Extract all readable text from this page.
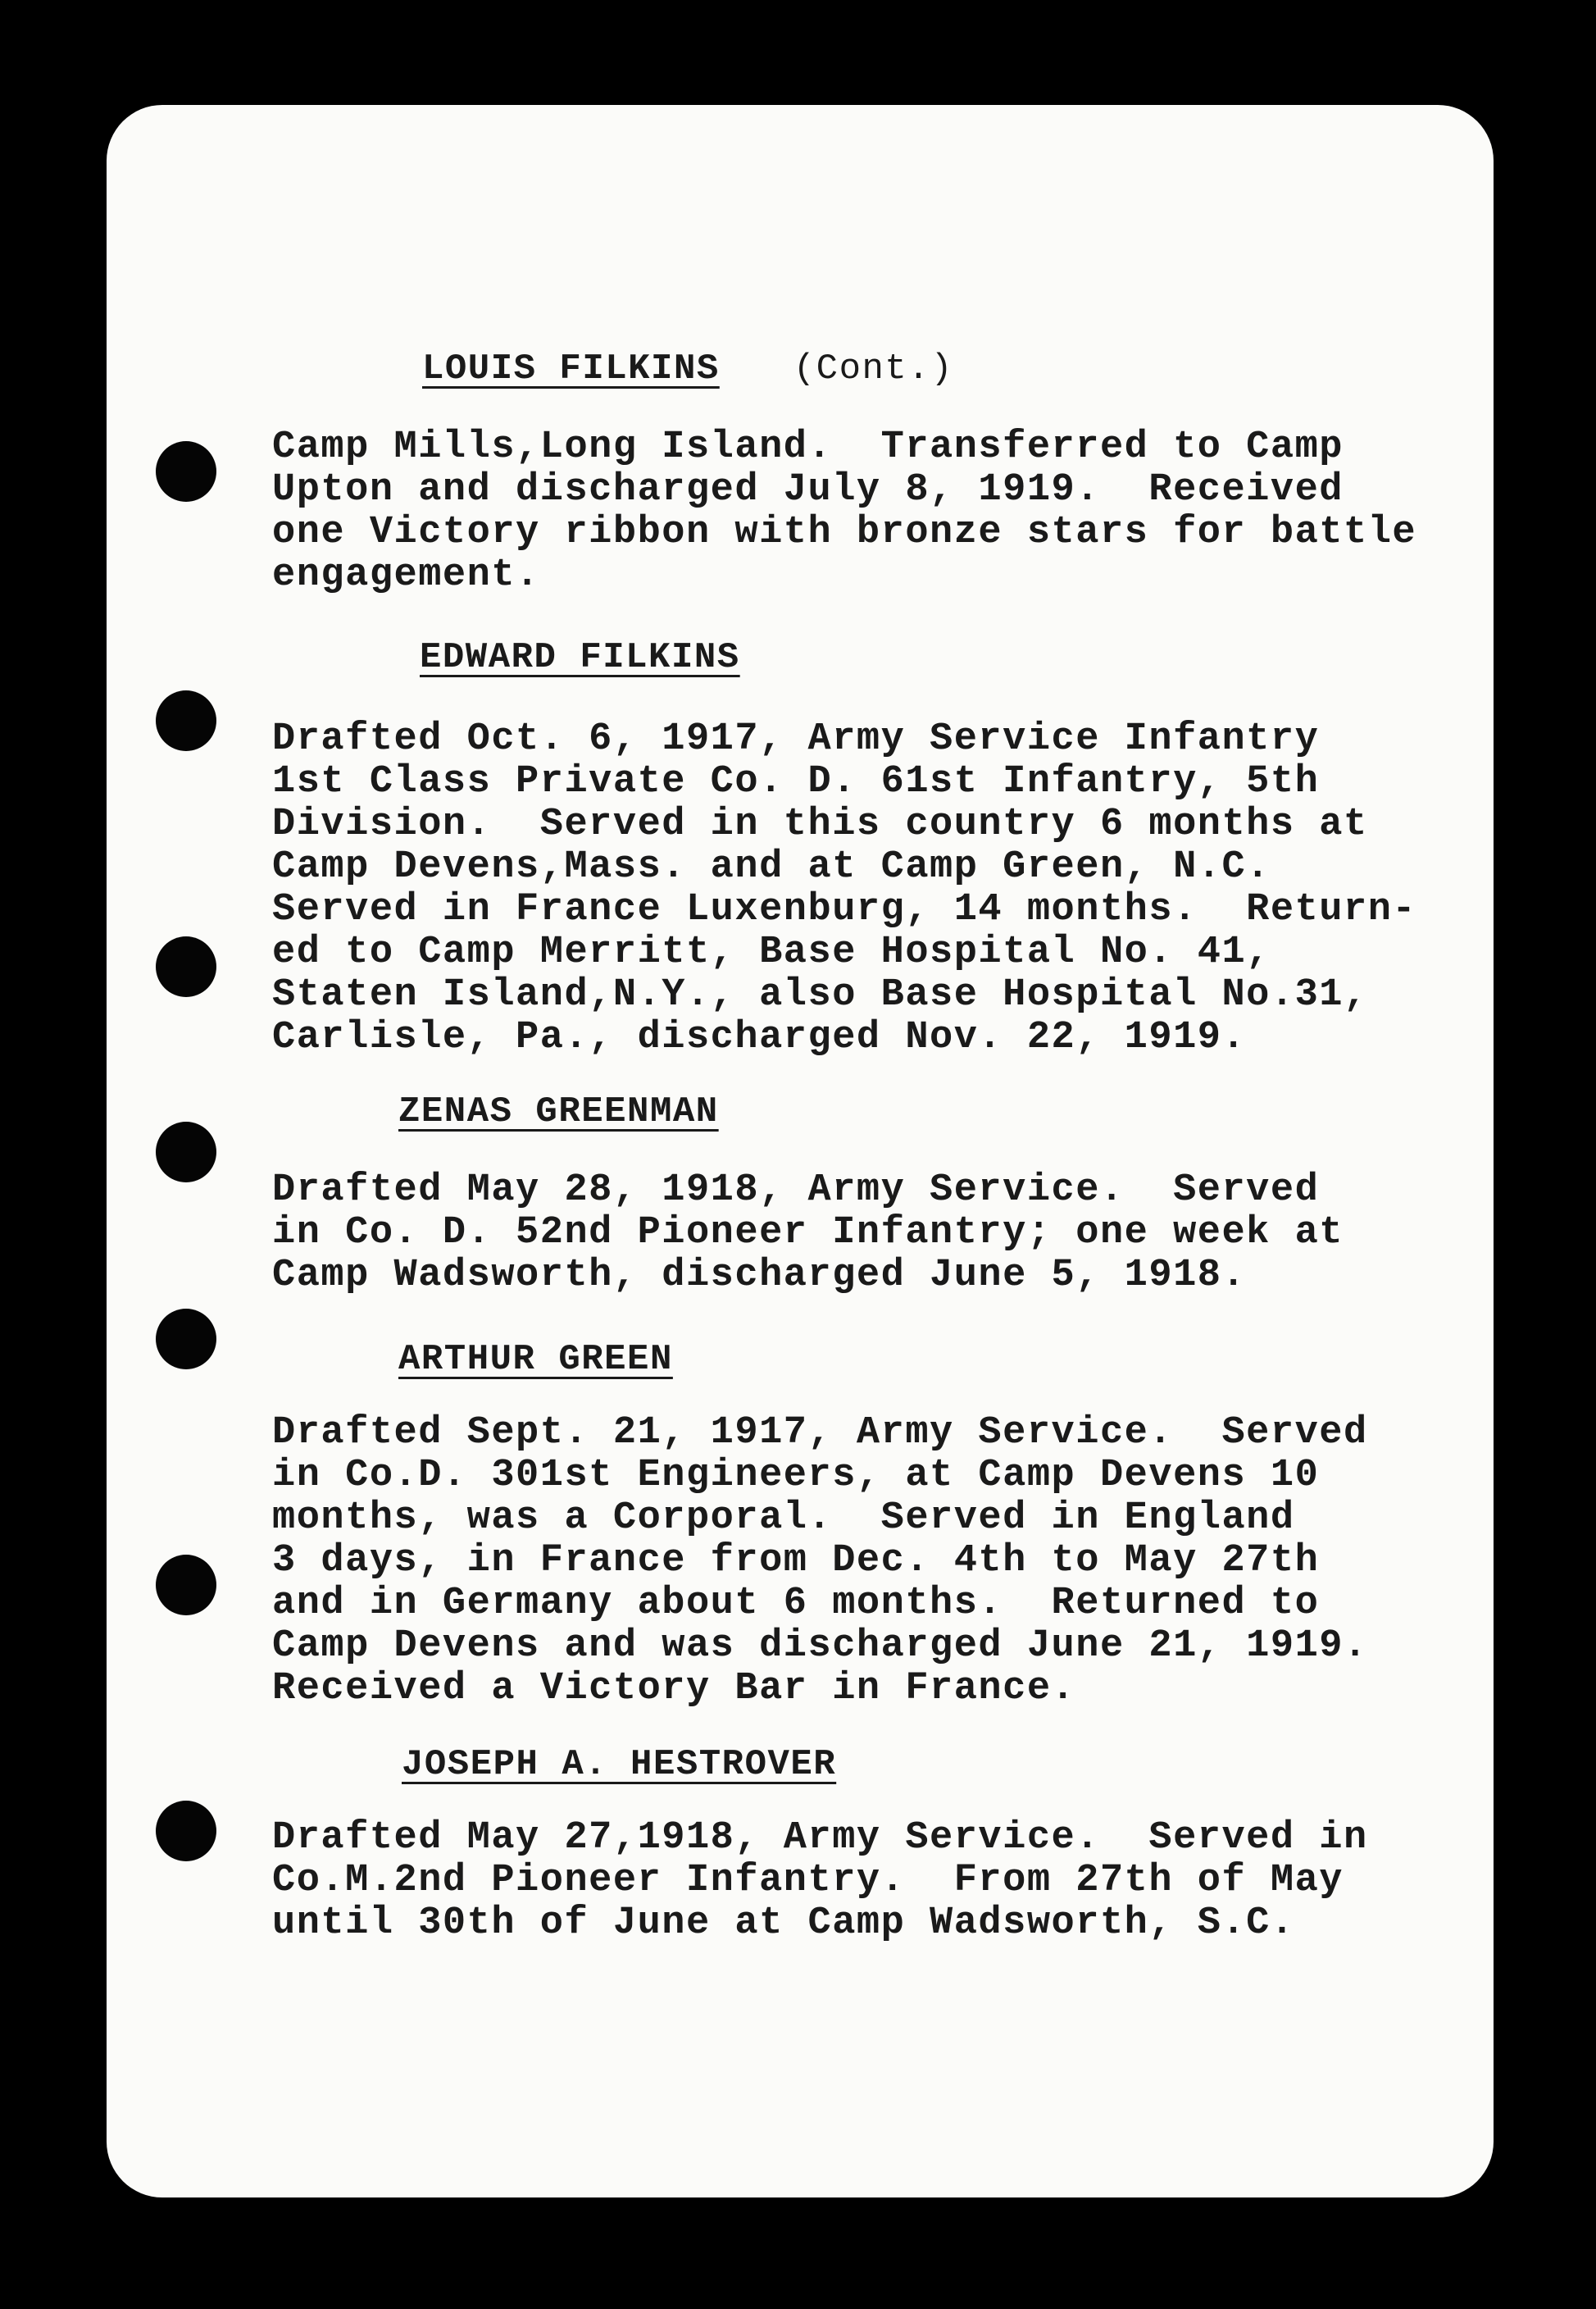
LOUIS FILKINS (Cont.)

Camp Mills,Long Island.  Transferred to Camp
Upton and discharged July 8, 1919.  Received
one Victory ribbon with bronze stars for battle
engagement.

EDWARD FILKINS

Drafted Oct. 6, 1917, Army Service Infantry
1st Class Private Co. D. 61st Infantry, 5th
Division.  Served in this country 6 months at
Camp Devens,Mass. and at Camp Green, N.C.
Served in France Luxenburg, 14 months.  Return-
ed to Camp Merritt, Base Hospital No. 41,
Staten Island,N.Y., also Base Hospital No.31,
Carlisle, Pa., discharged Nov. 22, 1919.

ZENAS GREENMAN

Drafted May 28, 1918, Army Service.  Served
in Co. D. 52nd Pioneer Infantry; one week at
Camp Wadsworth, discharged June 5, 1918.

ARTHUR GREEN

Drafted Sept. 21, 1917, Army Service.  Served
in Co.D. 301st Engineers, at Camp Devens 10
months, was a Corporal.  Served in England
3 days, in France from Dec. 4th to May 27th
and in Germany about 6 months.  Returned to
Camp Devens and was discharged June 21, 1919.
Received a Victory Bar in France.

JOSEPH A. HESTROVER

Drafted May 27,1918, Army Service.  Served in
Co.M.2nd Pioneer Infantry.  From 27th of May
until 30th of June at Camp Wadsworth, S.C.
